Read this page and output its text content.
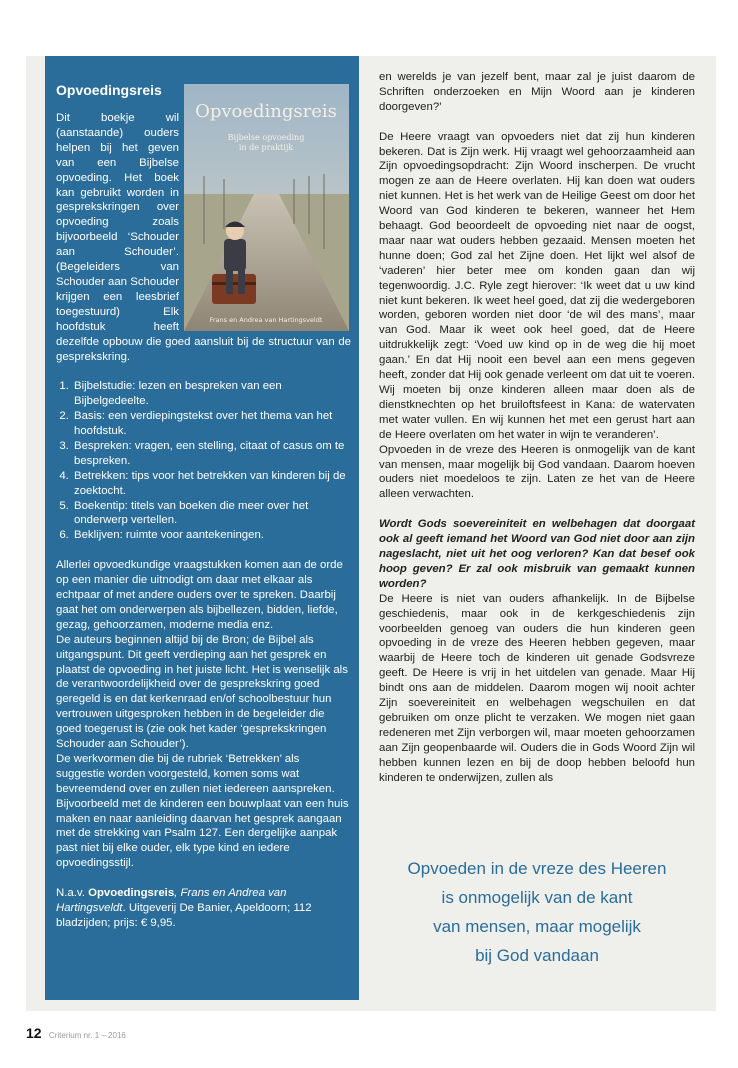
Opvoedingsreis
Bijbelse opvoeding
in de praktijk
Frans en Andrea van Hartingsveldt
Opvoedingsreis

Dit boekje wil (aanstaande) ouders helpen bij het geven van een Bijbelse opvoeding. Het boek kan gebruikt worden in gesprekskringen over opvoeding zoals bijvoorbeeld ‘Schouder aan Schouder’. (Begeleiders van Schouder aan Schouder krijgen een leesbrief toegestuurd) Elk hoofdstuk heeft dezelfde opbouw die goed aansluit bij de structuur van de gesprekskring.

1. Bijbelstudie: lezen en bespreken van een Bijbelgedeelte.
2. Basis: een verdiepingstekst over het thema van het hoofdstuk.
3. Bespreken: vragen, een stelling, citaat of casus om te bespreken.
4. Betrekken: tips voor het betrekken van kinderen bij de zoektocht.
5. Boekentip: titels van boeken die meer over het onderwerp vertellen.
6. Beklijven: ruimte voor aantekeningen.

Allerlei opvoedkundige vraagstukken komen aan de orde op een manier die uitnodigt om daar met elkaar als echtpaar of met andere ouders over te spreken. Daarbij gaat het om onderwerpen als bijbellezen, bidden, liefde, gezag, gehoorzamen, moderne media enz.

De auteurs beginnen altijd bij de Bron; de Bijbel als uitgangspunt. Dit geeft verdieping aan het gesprek en plaatst de opvoeding in het juiste licht. Het is wenselijk als de verantwoordelijkheid over de gesprekskring goed geregeld is en dat kerkenraad en/of schoolbestuur hun vertrouwen uitgesproken hebben in de begeleider die goed toegerust is (zie ook het kader ‘gesprekskringen Schouder aan Schouder’).

De werkvormen die bij de rubriek ‘Betrekken’ als suggestie worden voorgesteld, komen soms wat bevreemdend over en zullen niet iedereen aanspreken. Bijvoorbeeld met de kinderen een bouwplaat van een huis maken en naar aanleiding daarvan het gesprek aangaan met de strekking van Psalm 127. Een dergelijke aanpak past niet bij elke ouder, elk type kind en iedere opvoedingsstijl.

N.a.v. Opvoedingsreis, Frans en Andrea van Hartingsveldt. Uitgeverij De Banier, Apeldoorn; 112 bladzijden; prijs: € 9,95.

en werelds je van jezelf bent, maar zal je juist daarom de Schriften onderzoeken en Mijn Woord aan je kinderen doorgeven?’

De Heere vraagt van opvoeders niet dat zij hun kinderen bekeren. Dat is Zijn werk. Hij vraagt wel gehoorzaamheid aan Zijn opvoedingsopdracht: Zijn Woord inscherpen. De vrucht mogen ze aan de Heere overlaten. Hij kan doen wat ouders niet kunnen. Het is het werk van de Heilige Geest om door het Woord van God kinderen te bekeren, wanneer het Hem behaagt. God beoordeelt de opvoeding niet naar de oogst, maar naar wat ouders hebben gezaaid. Mensen moeten het hunne doen; God zal het Zijne doen. Het lijkt wel alsof de ‘vaderen’ hier beter mee om konden gaan dan wij tegenwoordig. J.C. Ryle zegt hierover: ‘Ik weet dat u uw kind niet kunt bekeren. Ik weet heel goed, dat zij die wedergeboren worden, geboren worden niet door ‘de wil des mans’, maar van God. Maar ik weet ook heel goed, dat de Heere uitdrukkelijk zegt: ‘Voed uw kind op in de weg die hij moet gaan.’ En dat Hij nooit een bevel aan een mens gegeven heeft, zonder dat Hij ook genade verleent om dat uit te voeren. Wij moeten bij onze kinderen alleen maar doen als de dienstknechten op het bruiloftsfeest in Kana: de watervaten met water vullen. En wij kunnen het met een gerust hart aan de Heere overlaten om het water in wijn te veranderen’.

Opvoeden in de vreze des Heeren is onmogelijk van de kant van mensen, maar mogelijk bij God vandaan. Daarom hoeven ouders niet moedeloos te zijn. Laten ze het van de Heere alleen verwachten.

Wordt Gods soevereiniteit en welbehagen dat doorgaat ook al geeft iemand het Woord van God niet door aan zijn nageslacht, niet uit het oog verloren? Kan dat besef ook hoop geven? Er zal ook misbruik van gemaakt kunnen worden?

De Heere is niet van ouders afhankelijk. In de Bijbelse geschiedenis, maar ook in de kerkgeschiedenis zijn voorbeelden genoeg van ouders die hun kinderen geen opvoeding in de vreze des Heeren hebben gegeven, maar waarbij de Heere toch de kinderen uit genade Godsvreze geeft. De Heere is vrij in het uitdelen van genade. Maar Hij bindt ons aan de middelen. Daarom mogen wij nooit achter Zijn soevereiniteit en welbehagen wegschuilen en dat gebruiken om onze plicht te verzaken. We mogen niet gaan redeneren met Zijn verborgen wil, maar moeten gehoorzamen aan Zijn geopenbaarde wil. Ouders die in Gods Woord Zijn wil hebben kunnen lezen en bij de doop hebben beloofd hun kinderen te onderwijzen, zullen als

Opvoeden in de vreze des Heeren
is onmogelijk van de kant
van mensen, maar mogelijk
bij God vandaan
12 Criterium nr. 1 – 2016
